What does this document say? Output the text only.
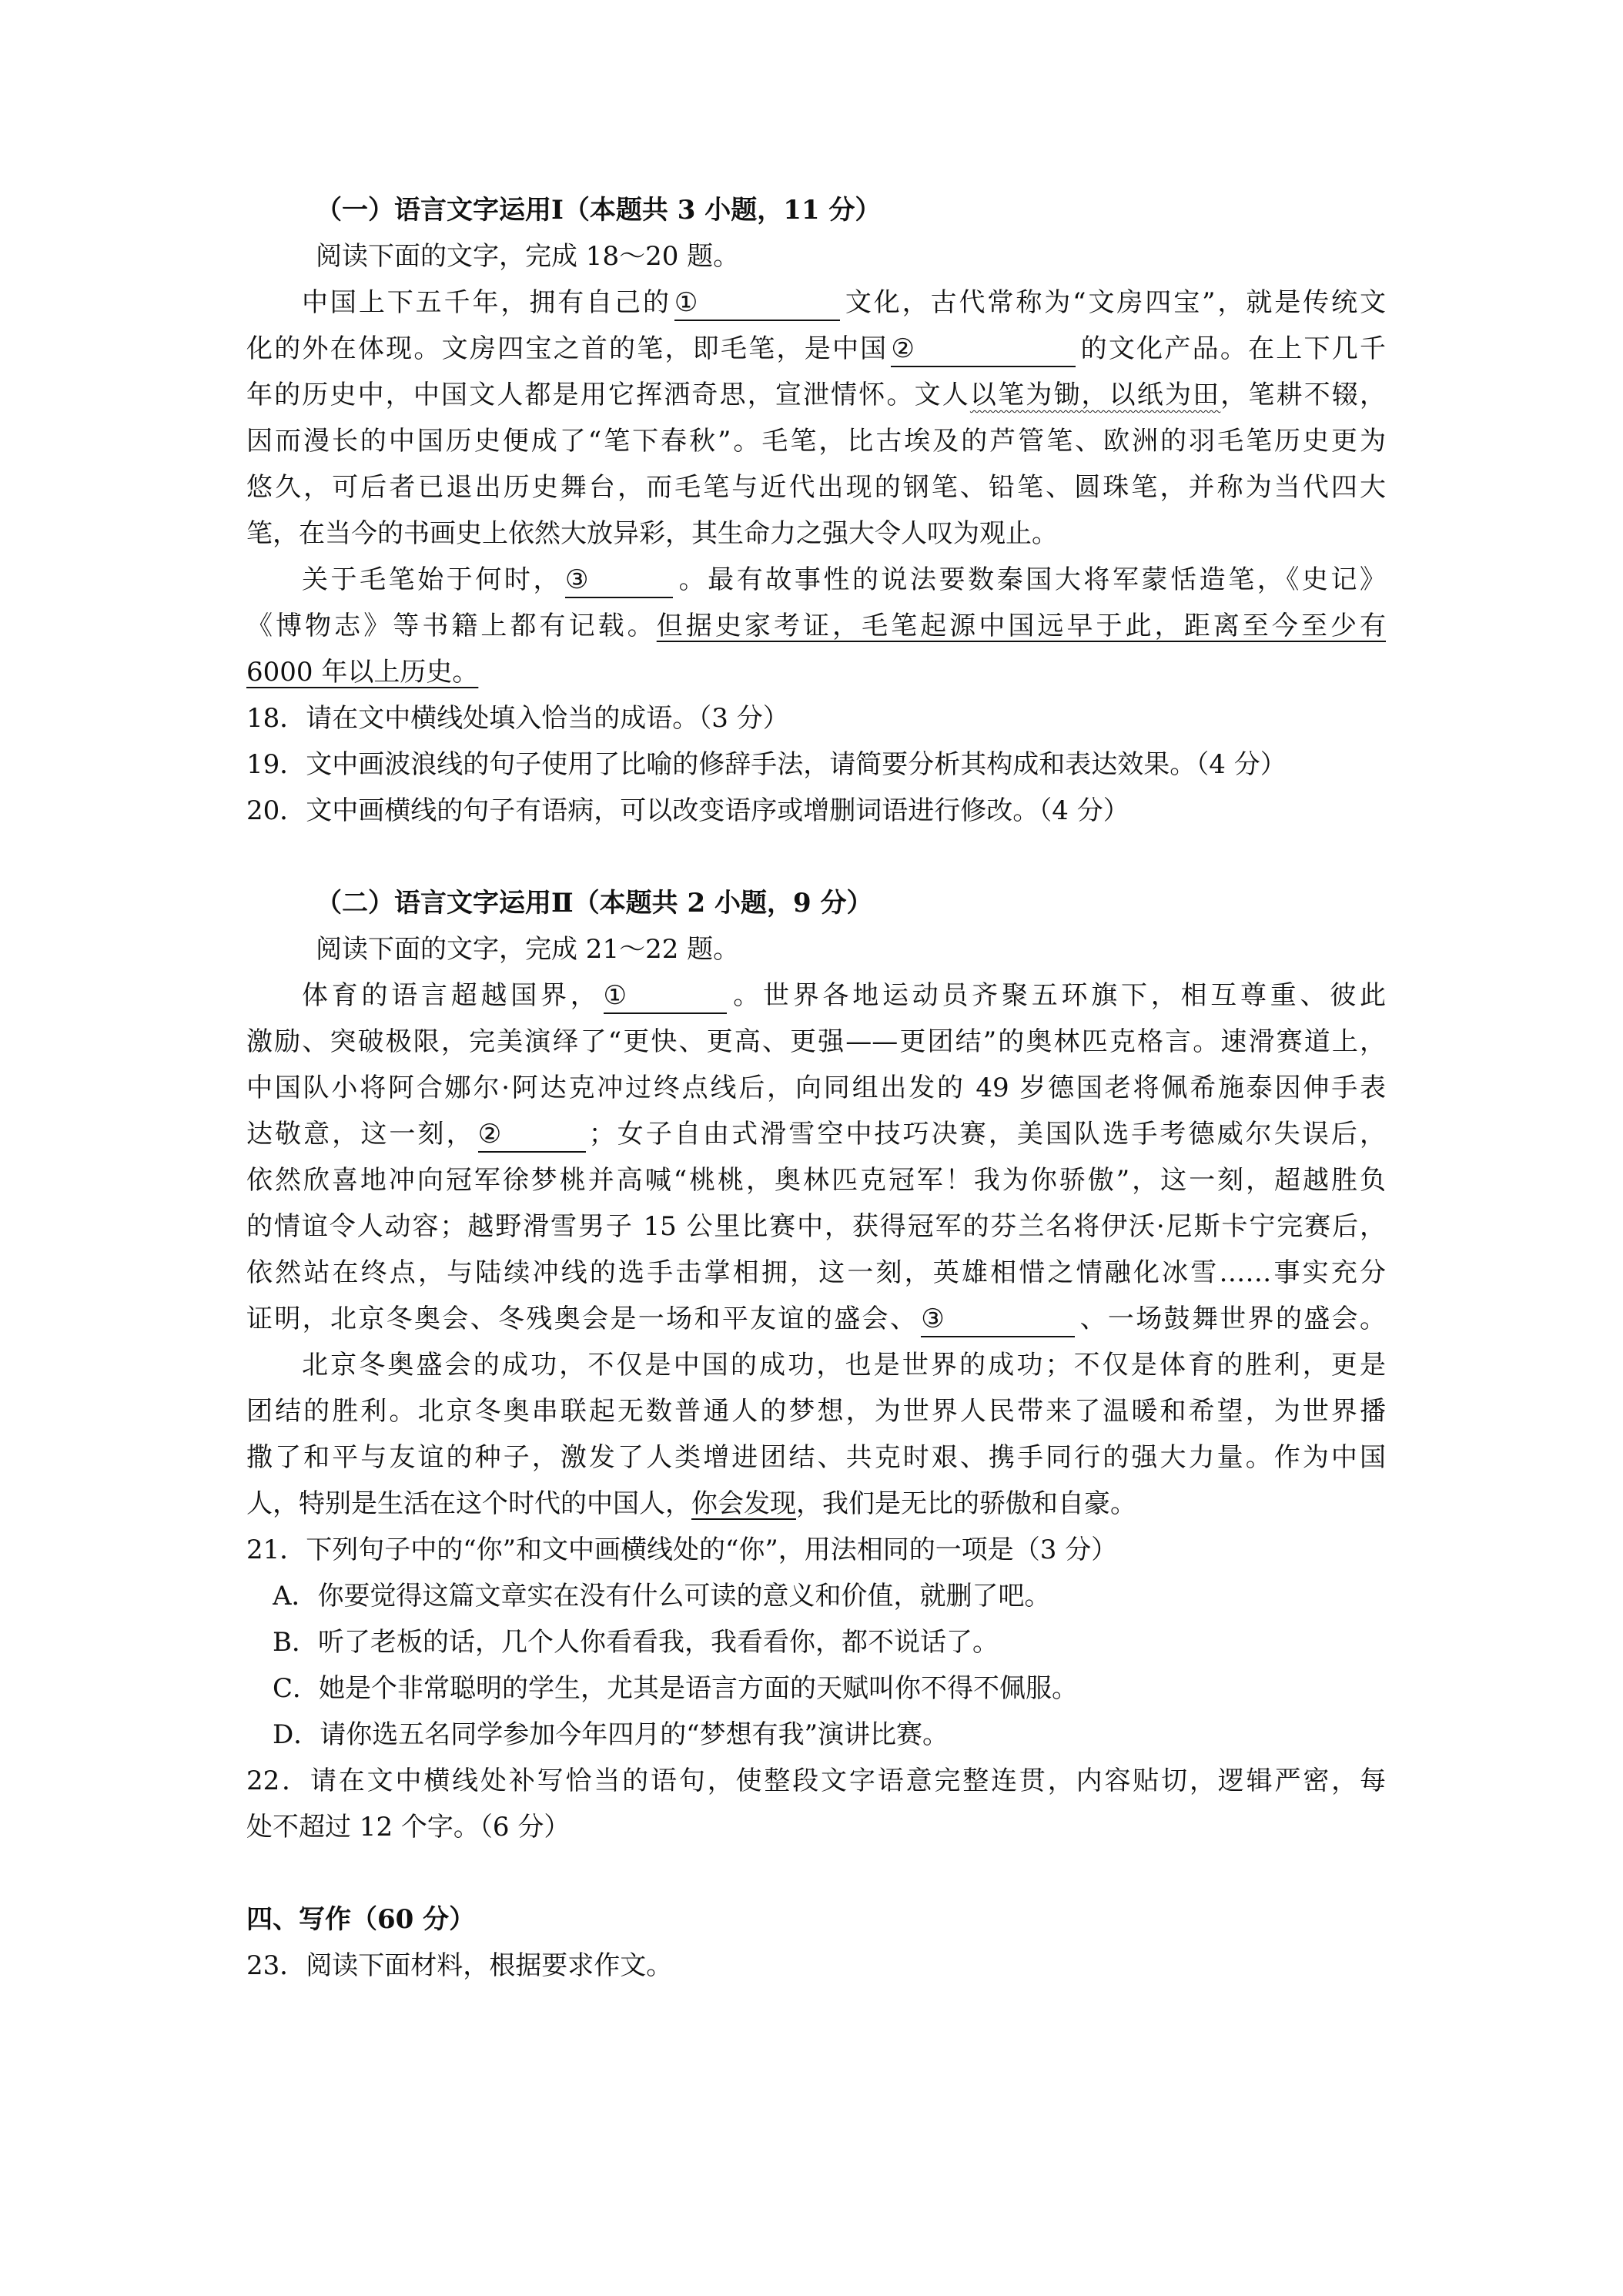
（一）语言文字运用Ⅰ（本题共 3 小题，11 分）
阅读下面的文字，完成 18～20 题。
中国上下五千年，拥有自己的 ①	文化，古代常称为“文房四宝”，就是传统文
化的外在体现。文房四宝之首的笔，即毛笔，是中国 ②	的文化产品。在上下几千
年的历史中，中国文人都是用它挥洒奇思，宣泄情怀。文人以笔为锄，以纸为田，笔耕不辍，
因而漫长的中国历史便成了“笔下春秋”。毛笔，比古埃及的芦管笔、欧洲的羽毛笔历史更为
悠久，可后者已退出历史舞台，而毛笔与近代出现的钢笔、铅笔、圆珠笔，并称为当代四大
笔，在当今的书画史上依然大放异彩，其生命力之强大令人叹为观止。
关于毛笔始于何时， ③	。最有故事性的说法要数秦国大将军蒙恬造笔，《史记》
《博物志》等书籍上都有记载。但据史家考证，毛笔起源中国远早于此，距离至今至少有
6000 年以上历史。
18．请在文中横线处填入恰当的成语。（3 分）
19．文中画波浪线的句子使用了比喻的修辞手法，请简要分析其构成和表达效果。（4 分）
20．文中画横线的句子有语病，可以改变语序或增删词语进行修改。（4 分）
（二）语言文字运用Ⅱ（本题共 2 小题，9 分）
阅读下面的文字，完成 21～22 题。
体育的语言超越国界， ①	。世界各地运动员齐聚五环旗下，相互尊重、彼此
激励、突破极限，完美演绎了“更快、更高、更强——更团结”的奥林匹克格言。速滑赛道上，
中国队小将阿合娜尔·阿达克冲过终点线后，向同组出发的 49 岁德国老将佩希施泰因伸手表
达敬意，这一刻， ②	；女子自由式滑雪空中技巧决赛，美国队选手考德威尔失误后，
依然欣喜地冲向冠军徐梦桃并高喊“桃桃，奥林匹克冠军！我为你骄傲”，这一刻，超越胜负
的情谊令人动容；越野滑雪男子 15 公里比赛中，获得冠军的芬兰名将伊沃·尼斯卡宁完赛后，
依然站在终点，与陆续冲线的选手击掌相拥，这一刻，英雄相惜之情融化冰雪……事实充分
证明，北京冬奥会、冬残奥会是一场和平友谊的盛会、 ③	、一场鼓舞世界的盛会。
北京冬奥盛会的成功，不仅是中国的成功，也是世界的成功；不仅是体育的胜利，更是
团结的胜利。北京冬奥串联起无数普通人的梦想，为世界人民带来了温暖和希望，为世界播
撒了和平与友谊的种子，激发了人类增进团结、共克时艰、携手同行的强大力量。作为中国
人，特别是生活在这个时代的中国人，你会发现，我们是无比的骄傲和自豪。
21．下列句子中的“你”和文中画横线处的“你”，用法相同的一项是（3 分）
A．你要觉得这篇文章实在没有什么可读的意义和价值，就删了吧。
B．听了老板的话，几个人你看看我，我看看你，都不说话了。
C．她是个非常聪明的学生，尤其是语言方面的天赋叫你不得不佩服。
D．请你选五名同学参加今年四月的“梦想有我”演讲比赛。
22．请在文中横线处补写恰当的语句，使整段文字语意完整连贯，内容贴切，逻辑严密，每
处不超过 12 个字。（6 分）
四、写作（60 分）
23．阅读下面材料，根据要求作文。
